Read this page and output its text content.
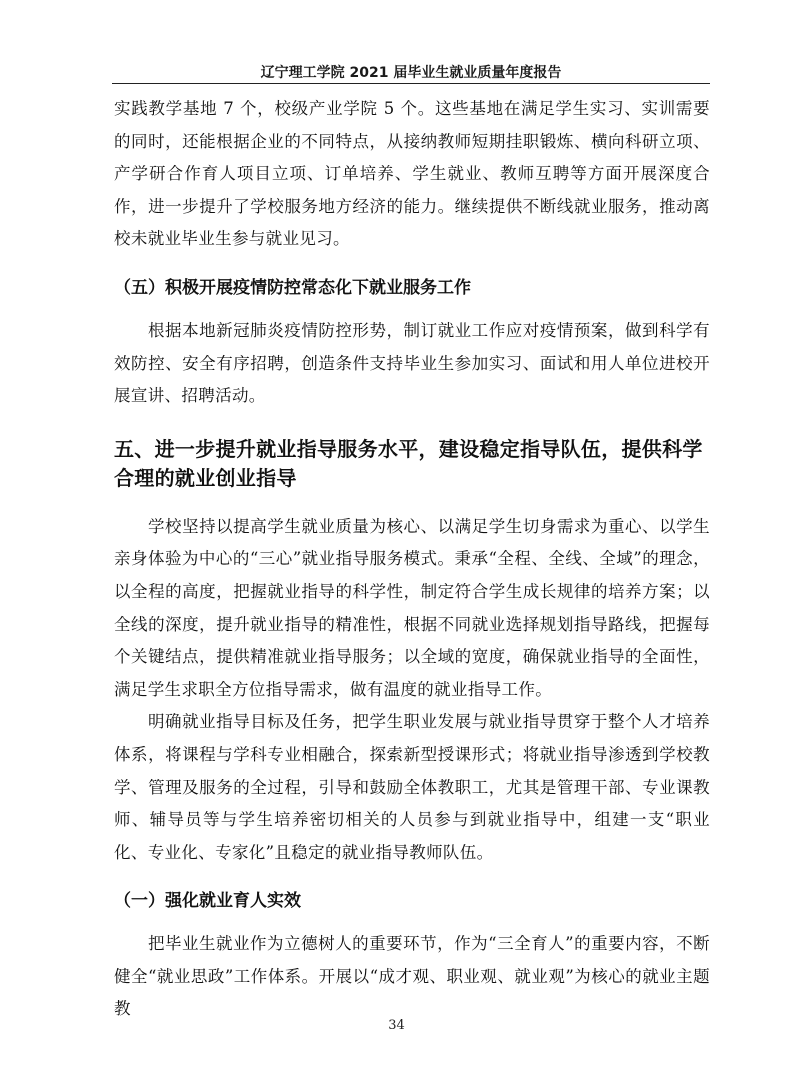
辽宁理工学院 2021 届毕业生就业质量年度报告

实践教学基地 7 个，校级产业学院 5 个。这些基地在满足学生实习、实训需要的同时，还能根据企业的不同特点，从接纳教师短期挂职锻炼、横向科研立项、产学研合作育人项目立项、订单培养、学生就业、教师互聘等方面开展深度合作，进一步提升了学校服务地方经济的能力。继续提供不断线就业服务，推动离校未就业毕业生参与就业见习。

（五）积极开展疫情防控常态化下就业服务工作

根据本地新冠肺炎疫情防控形势，制订就业工作应对疫情预案，做到科学有效防控、安全有序招聘，创造条件支持毕业生参加实习、面试和用人单位进校开展宣讲、招聘活动。

五、进一步提升就业指导服务水平，建设稳定指导队伍，提供科学合理的就业创业指导

学校坚持以提高学生就业质量为核心、以满足学生切身需求为重心、以学生亲身体验为中心的“三心”就业指导服务模式。秉承“全程、全线、全域”的理念，以全程的高度，把握就业指导的科学性，制定符合学生成长规律的培养方案；以全线的深度，提升就业指导的精准性，根据不同就业选择规划指导路线，把握每个关键结点，提供精准就业指导服务；以全域的宽度，确保就业指导的全面性，满足学生求职全方位指导需求，做有温度的就业指导工作。

明确就业指导目标及任务，把学生职业发展与就业指导贯穿于整个人才培养体系，将课程与学科专业相融合，探索新型授课形式；将就业指导渗透到学校教学、管理及服务的全过程，引导和鼓励全体教职工，尤其是管理干部、专业课教师、辅导员等与学生培养密切相关的人员参与到就业指导中，组建一支“职业化、专业化、专家化”且稳定的就业指导教师队伍。

（一）强化就业育人实效

把毕业生就业作为立德树人的重要环节，作为“三全育人”的重要内容，不断健全“就业思政”工作体系。开展以“成才观、职业观、就业观”为核心的就业主题教

34
